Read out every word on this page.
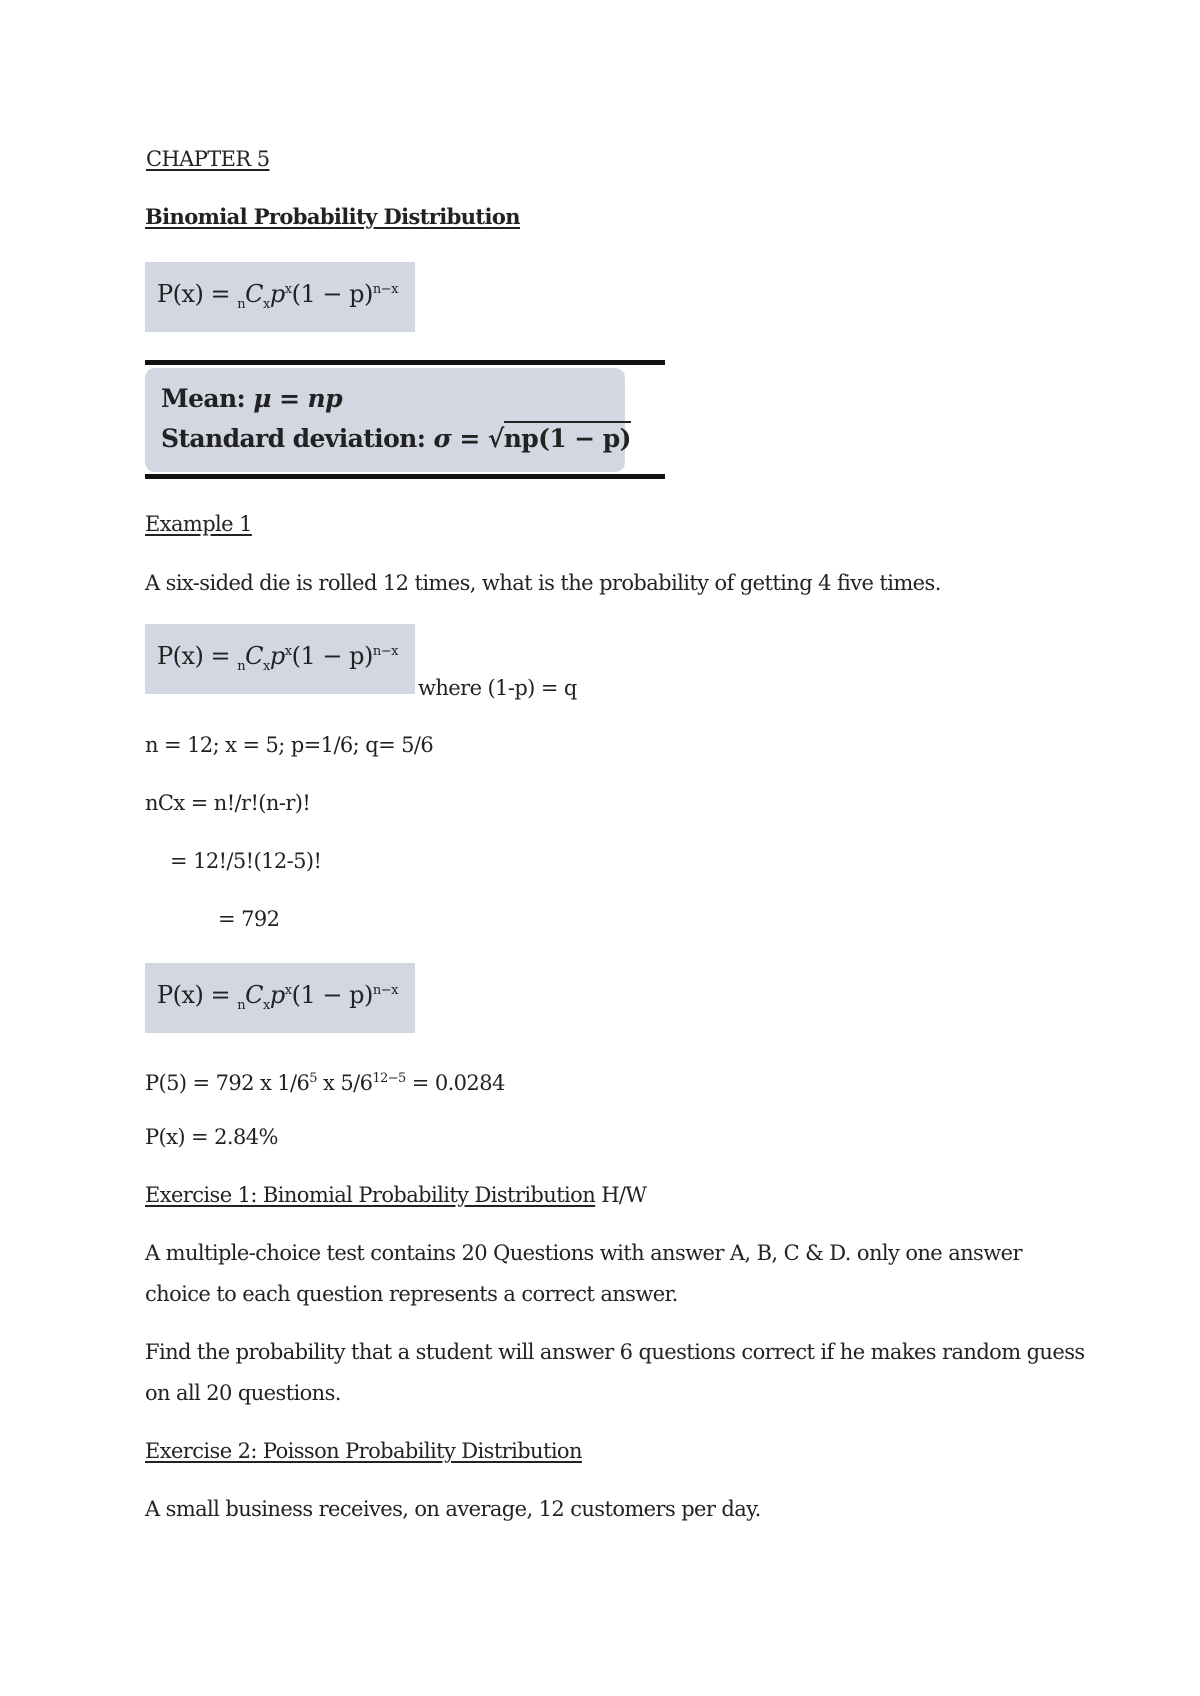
CHAPTER 5
Binomial Probability Distribution
$P(x) = _nC_xp^x(1 - p)^{n-x}$
Mean: μ = np
Standard deviation: σ = √np(1 − p)
Example 1
A six-sided die is rolled 12 times, what is the probability of getting 4 five times.
$P(x) = _nC_xp^x(1 - p)^{n-x}$
where (1-p) = q
n = 12; x = 5; p=1/6; q= 5/6
nCx = n!/r!(n-r)!
= 12!/5!(12-5)!
= 792
$P(x) = _nC_xp^x(1 - p)^{n-x}$
P(5) = 792 x $1/6^5$ x $5/6^{12-5} = 0.0284$
P(x) = 2.84%
Exercise 1: Binomial Probability Distribution H/W
A multiple-choice test contains 20 Questions with answer A, B, C & D. only one answer
choice to each question represents a correct answer.
Find the probability that a student will answer 6 questions correct if he makes random guess
on all 20 questions.
Exercise 2: Poisson Probability Distribution
A small business receives, on average, 12 customers per day.
